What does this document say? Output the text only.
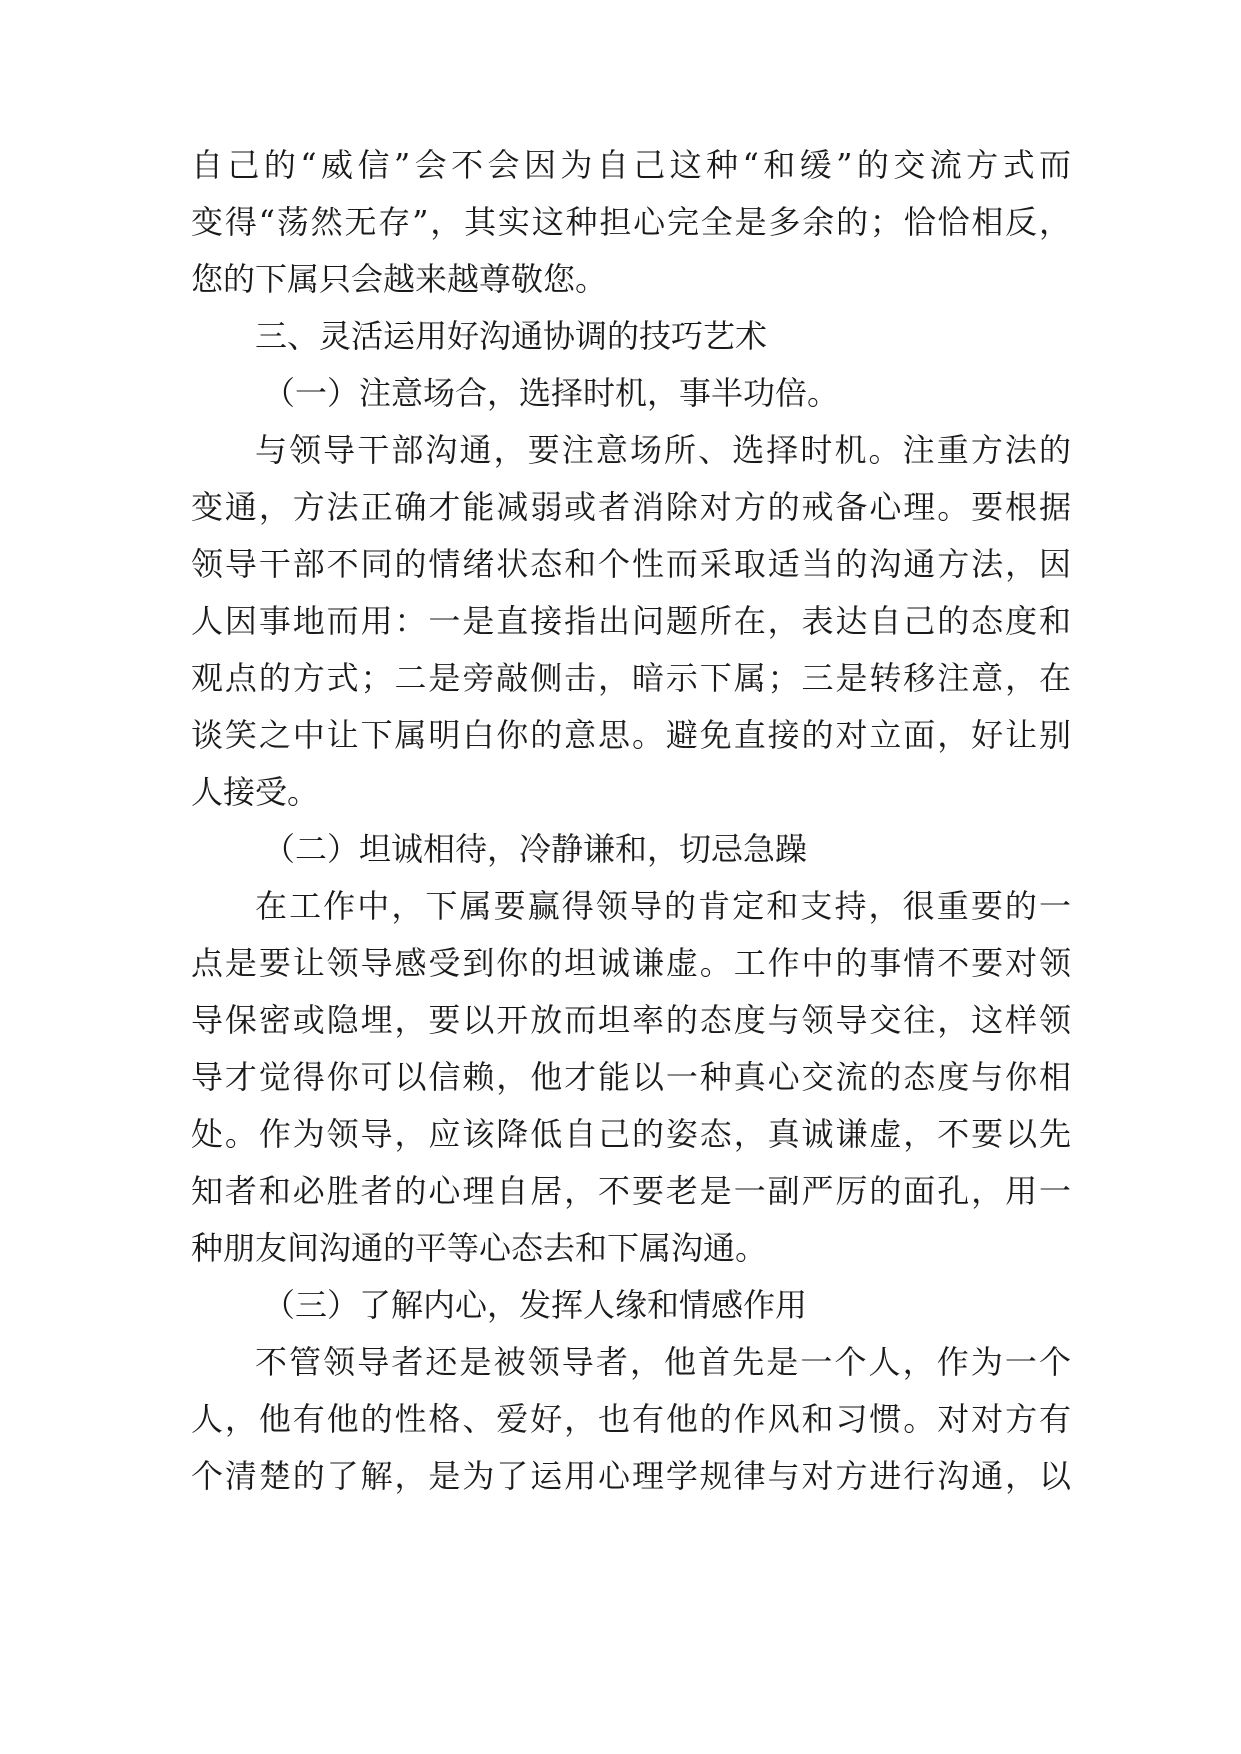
自己的“威信”会不会因为自己这种“和缓”的交流方式而
变得“荡然无存”，其实这种担心完全是多余的；恰恰相反，
您的下属只会越来越尊敬您。
三、灵活运用好沟通协调的技巧艺术
（一）注意场合，选择时机，事半功倍。
与领导干部沟通，要注意场所、选择时机。注重方法的
变通，方法正确才能减弱或者消除对方的戒备心理。要根据
领导干部不同的情绪状态和个性而采取适当的沟通方法，因
人因事地而用：一是直接指出问题所在，表达自己的态度和
观点的方式；二是旁敲侧击，暗示下属；三是转移注意，在
谈笑之中让下属明白你的意思。避免直接的对立面，好让别
人接受。
（二）坦诚相待，冷静谦和，切忌急躁
在工作中，下属要赢得领导的肯定和支持，很重要的一
点是要让领导感受到你的坦诚谦虚。工作中的事情不要对领
导保密或隐埋，要以开放而坦率的态度与领导交往，这样领
导才觉得你可以信赖，他才能以一种真心交流的态度与你相
处。作为领导，应该降低自己的姿态，真诚谦虚，不要以先
知者和必胜者的心理自居，不要老是一副严厉的面孔，用一
种朋友间沟通的平等心态去和下属沟通。
（三）了解内心，发挥人缘和情感作用
不管领导者还是被领导者，他首先是一个人，作为一个
人，他有他的性格、爱好，也有他的作风和习惯。对对方有
个清楚的了解，是为了运用心理学规律与对方进行沟通，以
